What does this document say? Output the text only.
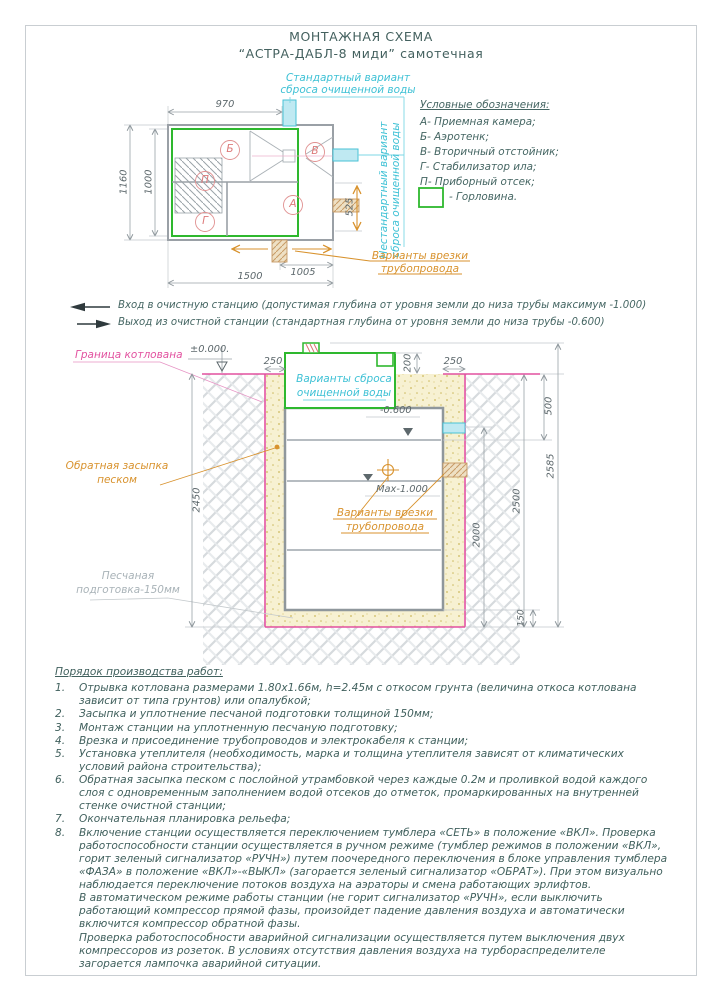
МОНТАЖНАЯ СХЕМА
“АСТРА-ДАБЛ-8 миди” самотечная
Стандартный вариант
сброса очищенной воды
Нестандартный вариант сброса очищенной воды
Условные обозначения:
А- Приемная камера;
Б- Аэротенк;
В- Вторичный отстойник;
Г- Стабилизатор ила;
П- Приборный отсек;
- Горловина.
Б	В
П
Г
А
970
1160 1000
1005
1500
525
Варианты врезки
трубопровода
Вход в очистную станцию (допустимая глубина от уровня земли до низа трубы максимум -1.000)
Выход из очистной станции (стандартная глубина от уровня земли до низа трубы -0.600)
Граница котлована ±0.000.
250
Варианты сброса
очищенной воды
200	250
500
-0.600
Max-1.000
Обратная засыпка
песком
2450
Варианты врезки
трубопровода
Песчаная
подготовка-150мм
2000
2500
2585
150
Порядок производства работ:
1.	Отрывка котлована размерами 1.80х1.66м, h=2.45м с откосом грунта (величина откоса котлована зависит от типа грунтов) или опалубкой;
2.	Засыпка и уплотнение песчаной подготовки толщиной 150мм;
3.	Монтаж станции на уплотненную песчаную подготовку;
4.	Врезка и присоединение трубопроводов и электрокабеля к станции;
5.	Установка утеплителя (необходимость, марка и толщина утеплителя зависят от климатических условий района строительства);
6.	Обратная засыпка песком с послойной утрамбовкой через каждые 0.2м и проливкой водой каждого слоя с одновременным заполнением водой отсеков до отметок, промаркированных на внутренней стенке очистной станции;
7.	Окончательная планировка рельефа;
8.	Включение станции осуществляется переключением тумблера «СЕТЬ» в положение «ВКЛ». Проверка работоспособности станции осуществляется в ручном режиме (тумблер режимов в положении «ВКЛ», горит зеленый сигнализатор «РУЧН») путем поочередного переключения в блоке управления тумблера «ФАЗА» в положение «ВКЛ»-«ВЫКЛ» (загорается зеленый сигнализатор «ОБРАТ»). При этом визуально наблюдается переключение потоков воздуха на аэраторы и смена работающих эрлифтов.
В автоматическом режиме работы станции (не горит сигнализатор «РУЧН», если выключить работающий компрессор прямой фазы, произойдет падение давления воздуха и автоматически включится компрессор обратной фазы.
Проверка работоспособности аварийной сигнализации осуществляется путем выключения двух компрессоров из розеток. В условиях отсутствия давления воздуха на турбораспределителе загорается лампочка аварийной ситуации.
